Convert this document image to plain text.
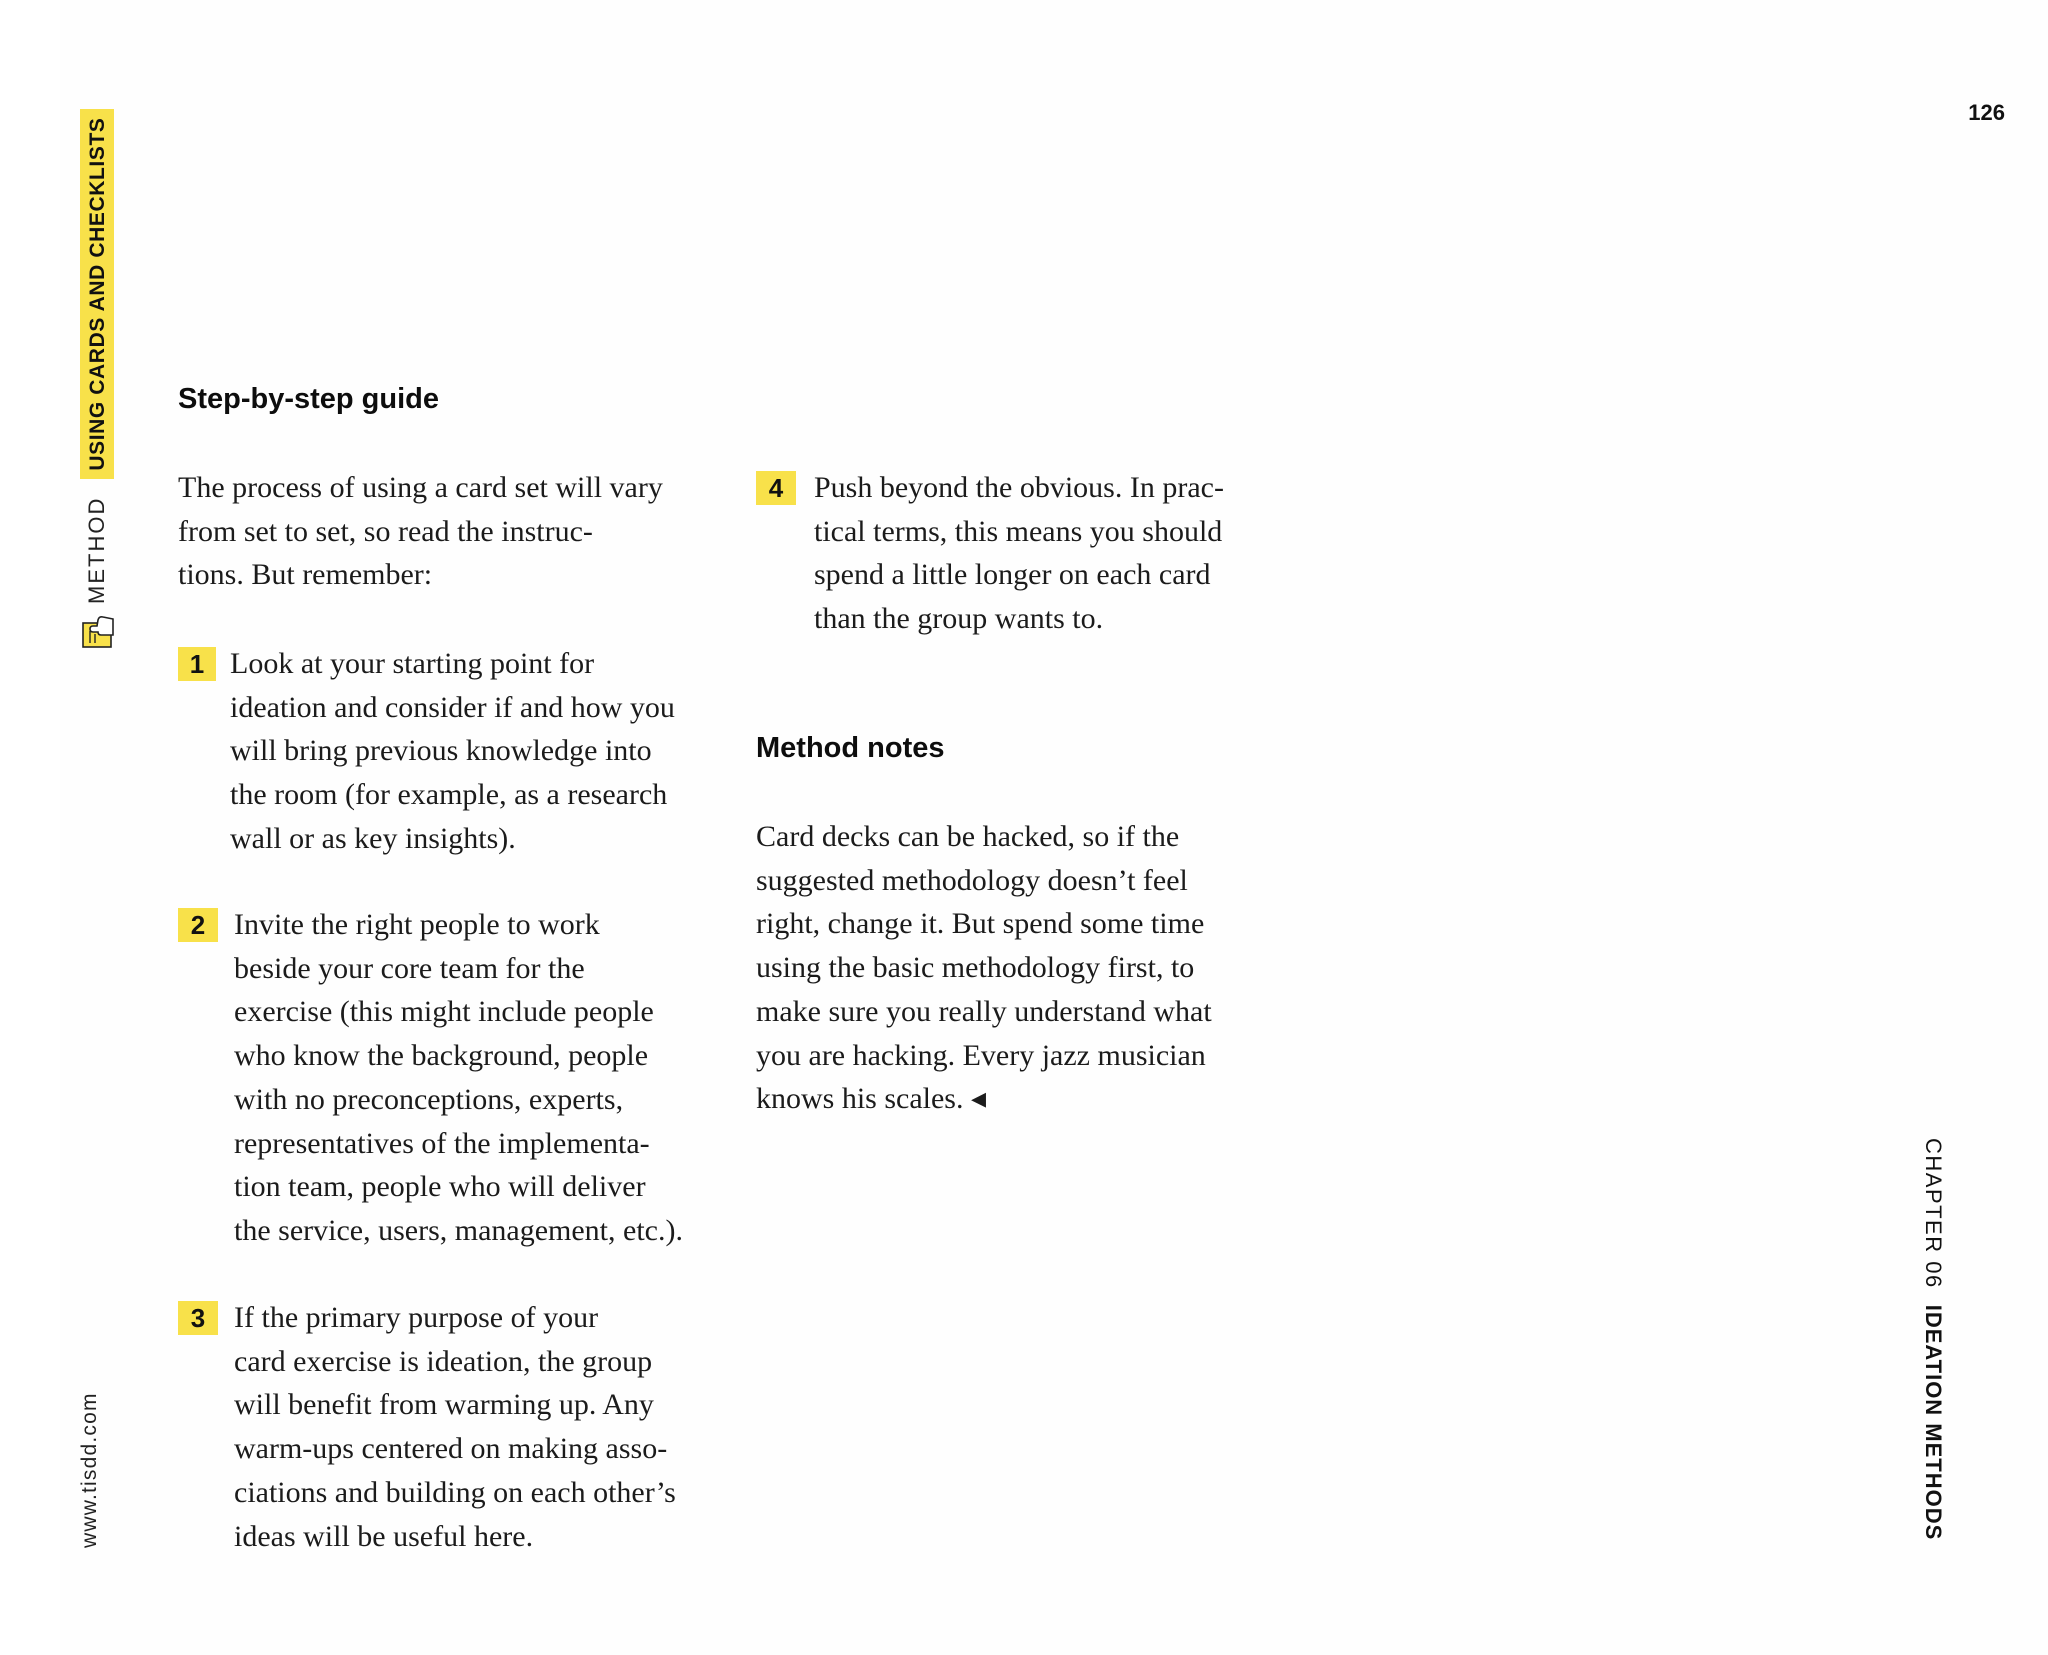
126
METHOD
USING CARDS AND CHECKLISTS
www.tisdd.com
CHAPTER 06IDEATION METHODS
Step-by-step guide

The process of using a card set will vary
from set to set, so read the instruc-
tions. But remember:

1 Look at your starting point for
ideation and consider if and how you
will bring previous knowledge into
the room (for example, as a research
wall or as key insights).

2 Invite the right people to work
beside your core team for the
exercise (this might include people
who know the background, people
with no preconceptions, experts,
representatives of the implementa-
tion team, people who will deliver
the service, users, management, etc.).

3 If the primary purpose of your
card exercise is ideation, the group
will benefit from warming up. Any
warm-ups centered on making asso-
ciations and building on each other’s
ideas will be useful here.

4	Push beyond the obvious. In prac-
tical terms, this means you should
spend a little longer on each card
than the group wants to.

Method notes

Card decks can be hacked, so if the
suggested methodology doesn’t feel
right, change it. But spend some time
using the basic methodology first, to
make sure you really understand what
you are hacking. Every jazz musician
knows his scales. ◂
